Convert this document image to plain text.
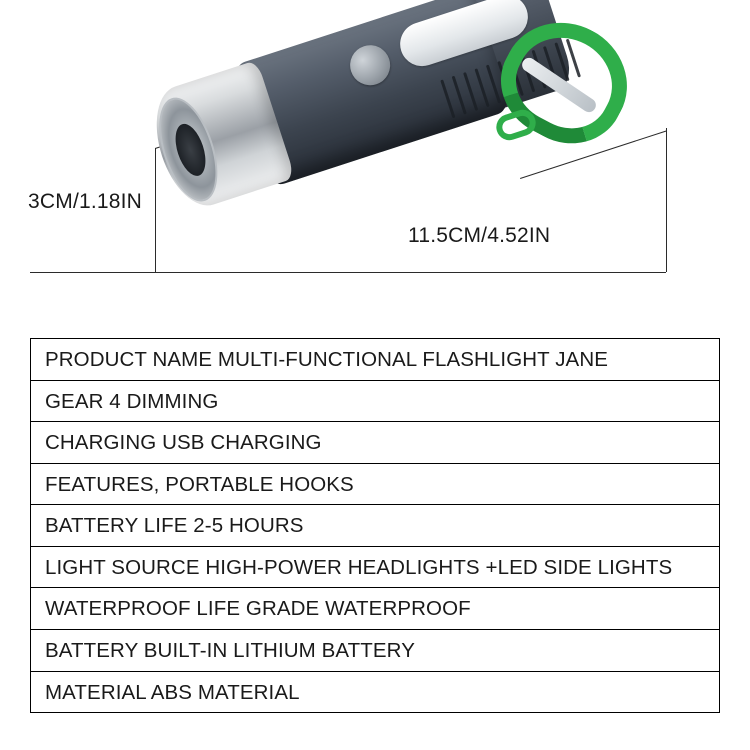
3CM/1.18IN
11.5CM/4.52IN
PRODUCT NAME MULTI-FUNCTIONAL FLASHLIGHT JANE
GEAR 4 DIMMING
CHARGING USB CHARGING
FEATURES, PORTABLE HOOKS
BATTERY LIFE 2-5 HOURS
LIGHT SOURCE HIGH-POWER HEADLIGHTS +LED SIDE LIGHTS
WATERPROOF LIFE GRADE WATERPROOF
BATTERY BUILT-IN LITHIUM BATTERY
MATERIAL ABS MATERIAL
